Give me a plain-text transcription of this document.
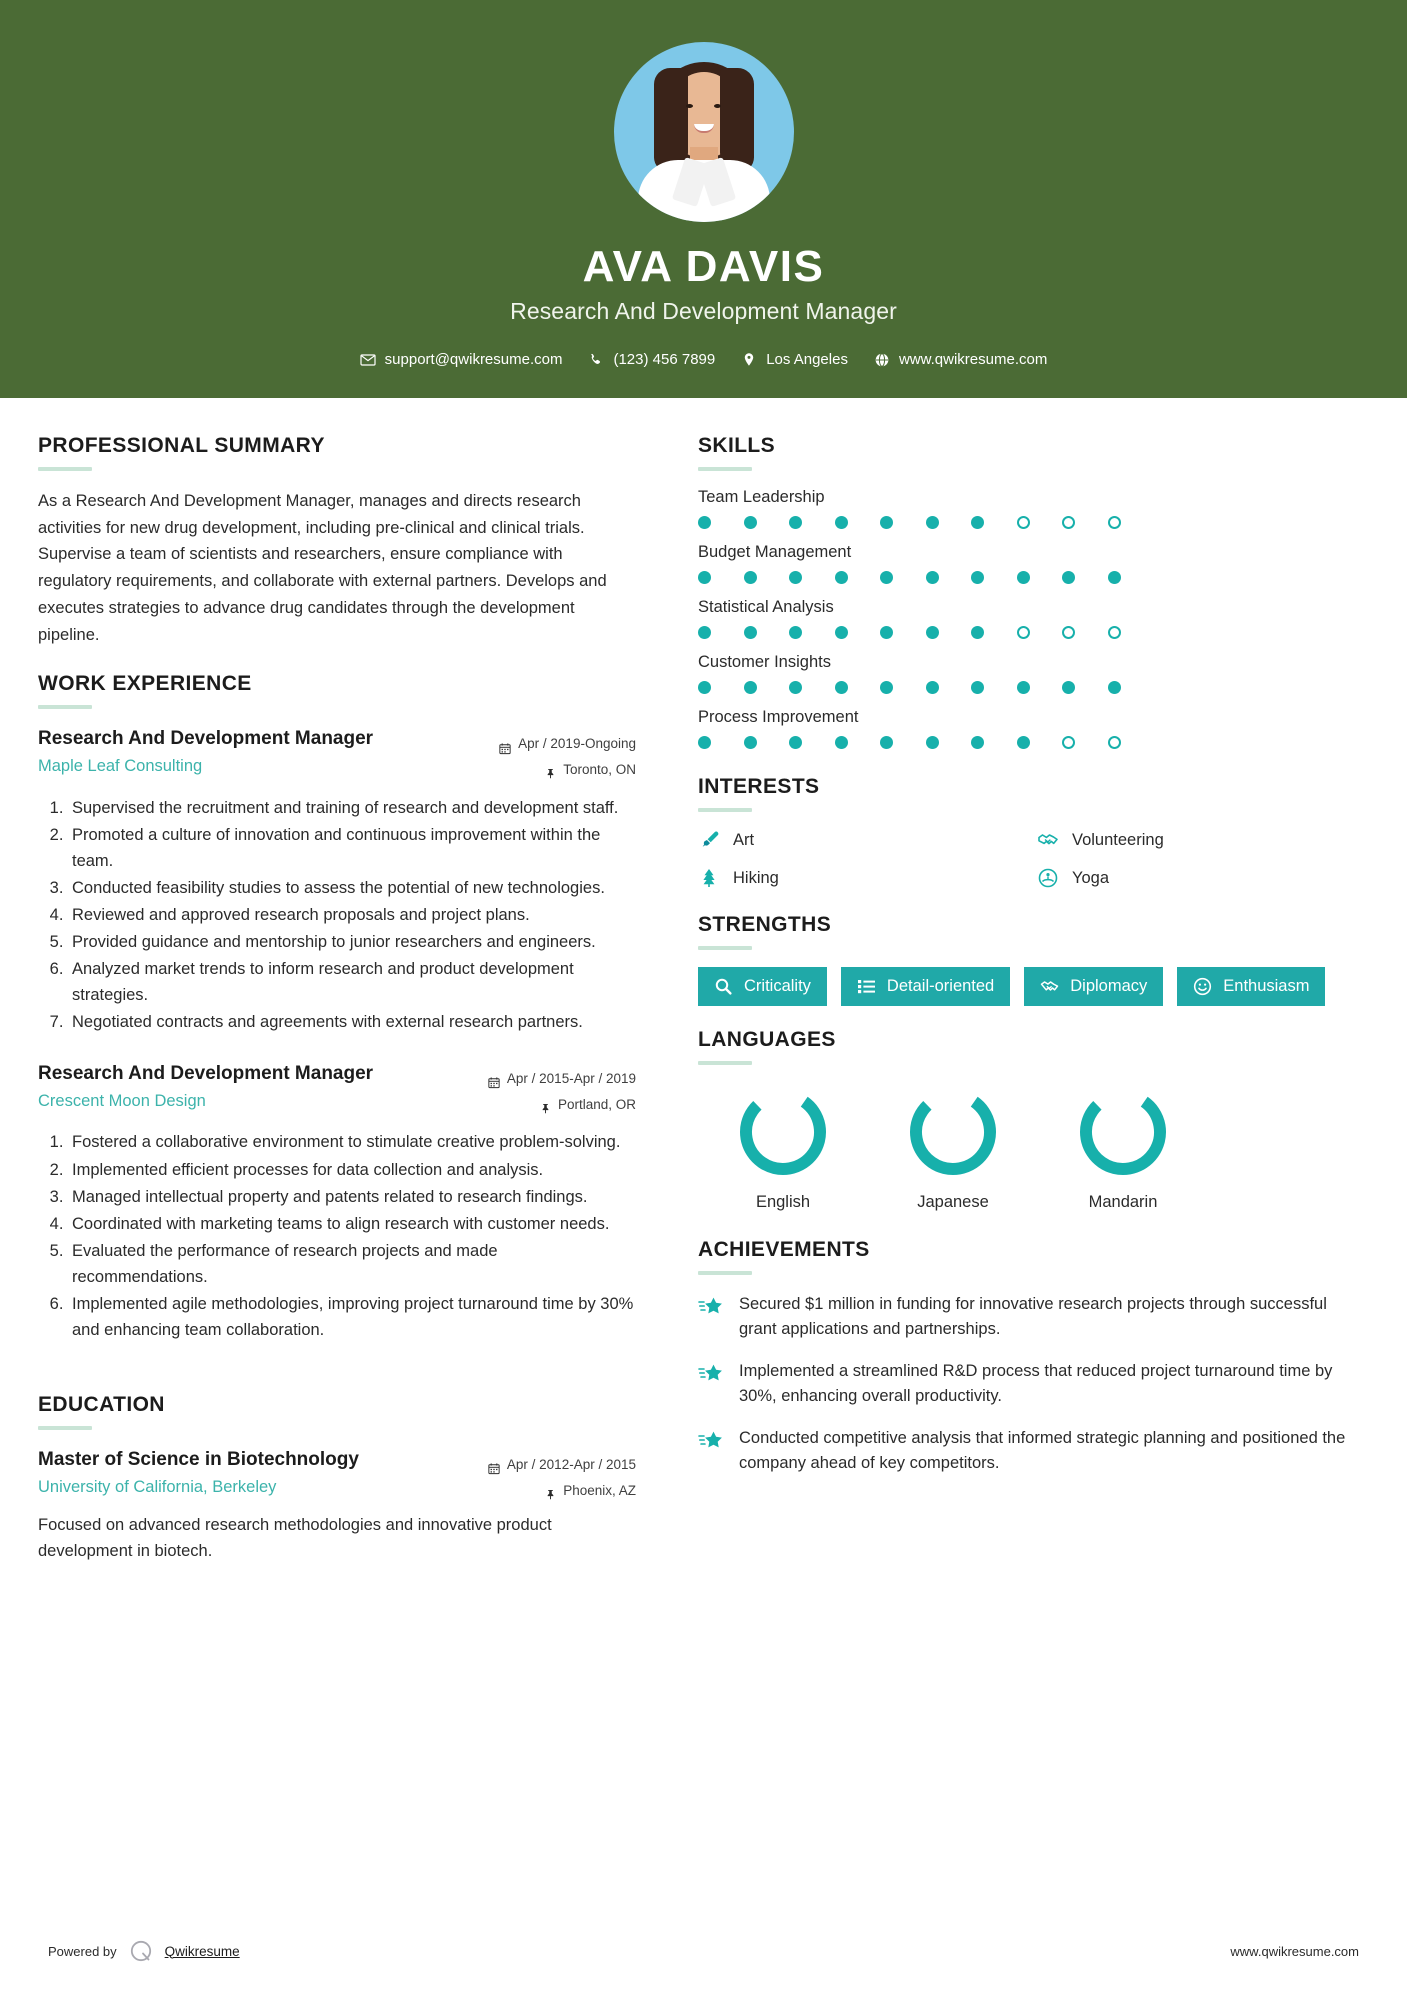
AVA DAVIS
Research And Development Manager
support@qwikresume.com	(123) 456 7899	Los Angeles	www.qwikresume.com
PROFESSIONAL SUMMARY
As a Research And Development Manager, manages and directs research activities for new drug development, including pre-clinical and clinical trials. Supervise a team of scientists and researchers, ensure compliance with regulatory requirements, and collaborate with external partners. Develops and executes strategies to advance drug candidates through the development pipeline.
WORK EXPERIENCE
Research And Development Manager
Maple Leaf Consulting
Apr / 2019-Ongoing
Toronto, ON
1. Supervised the recruitment and training of research and development staff.
2. Promoted a culture of innovation and continuous improvement within the team.
3. Conducted feasibility studies to assess the potential of new technologies.
4. Reviewed and approved research proposals and project plans.
5. Provided guidance and mentorship to junior researchers and engineers.
6. Analyzed market trends to inform research and product development strategies.
7. Negotiated contracts and agreements with external research partners.
Research And Development Manager
Crescent Moon Design
Apr / 2015-Apr / 2019
Portland, OR
1. Fostered a collaborative environment to stimulate creative problem-solving.
2. Implemented efficient processes for data collection and analysis.
3. Managed intellectual property and patents related to research findings.
4. Coordinated with marketing teams to align research with customer needs.
5. Evaluated the performance of research projects and made recommendations.
6. Implemented agile methodologies, improving project turnaround time by 30% and enhancing team collaboration.
EDUCATION
Master of Science in Biotechnology
University of California, Berkeley
Apr / 2012-Apr / 2015
Phoenix, AZ
Focused on advanced research methodologies and innovative product development in biotech.
SKILLS
Team Leadership
Budget Management
Statistical Analysis
Customer Insights
Process Improvement
INTERESTS
Art	Volunteering
Hiking	Yoga
STRENGTHS
Criticality	Detail-oriented	Diplomacy	Enthusiasm
LANGUAGES
English	Japanese	Mandarin
ACHIEVEMENTS
Secured $1 million in funding for innovative research projects through successful grant applications and partnerships.
Implemented a streamlined R&D process that reduced project turnaround time by 30%, enhancing overall productivity.
Conducted competitive analysis that informed strategic planning and positioned the company ahead of key competitors.
Powered by	Qwikresume	www.qwikresume.com
